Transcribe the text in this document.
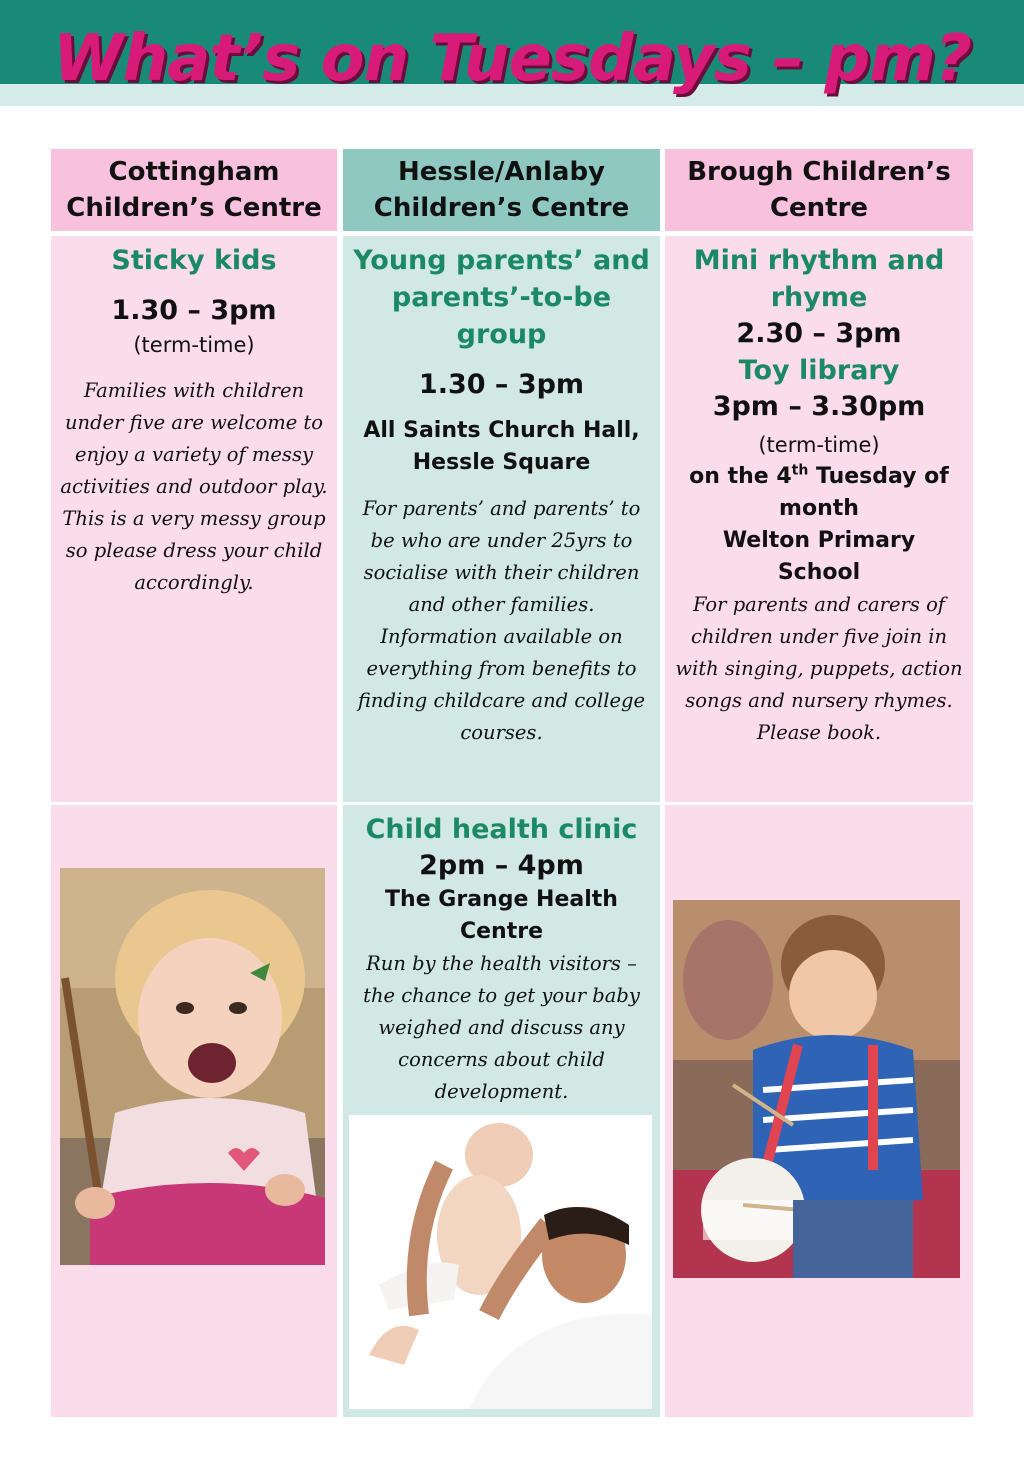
What’s on Tuesdays – pm?
Cottingham
Children’s Centre
Hessle/Anlaby
Children’s Centre
Brough Children’s
Centre

Sticky kids

1.30 – 3pm

(term-time)

Families with children
under five are welcome to
enjoy a variety of messy
activities and outdoor play.
This is a very messy group
so please dress your child
accordingly.

Young parents’ and
parents’-to-be group

1.30 – 3pm

All Saints Church Hall,
Hessle Square

For parents’ and parents’ to
be who are under 25yrs to
socialise with their children
and other families.
Information available on
everything from benefits to
finding childcare and college
courses.

Mini rhythm and
rhyme

2.30 – 3pm

Toy library

3pm – 3.30pm

(term-time)

on the 4th Tuesday of
month

Welton Primary
School

For parents and carers of
children under five join in
with singing, puppets, action
songs and nursery rhymes.
Please book.

Child health clinic

2pm – 4pm

The Grange Health
Centre

Run by the health visitors –
the chance to get your baby
weighed and discuss any
concerns about child
development.
